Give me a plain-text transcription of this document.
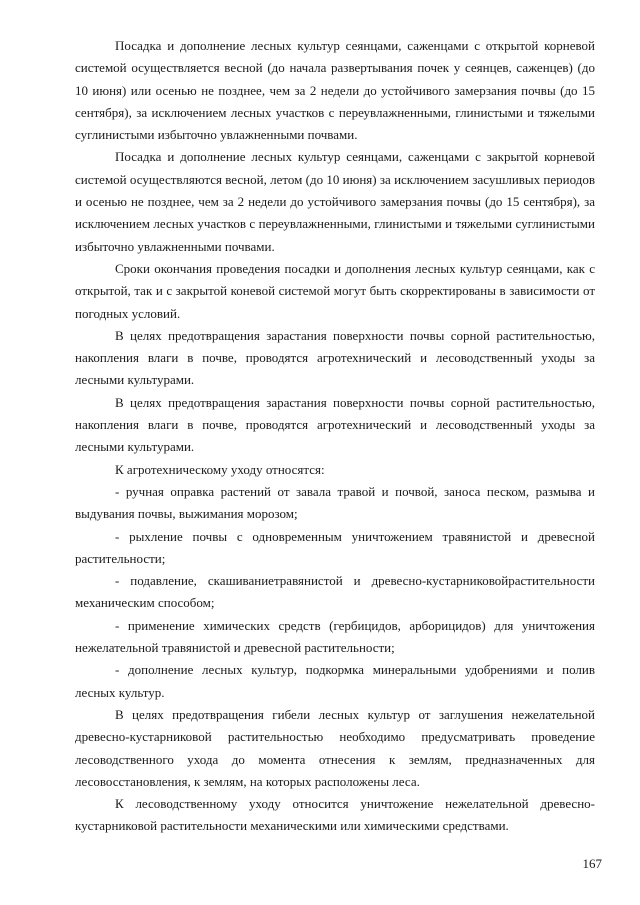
Посадка и дополнение лесных культур сеянцами, саженцами с открытой корневой системой осуществляется весной (до начала развертывания почек у сеянцев, саженцев) (до 10 июня) или осенью не позднее, чем за 2 недели до устойчивого замерзания почвы (до 15 сентября), за исключением лесных участков с переувлажненными, глинистыми и тяжелыми суглинистыми избыточно увлажненными почвами.

Посадка и дополнение лесных культур сеянцами, саженцами с закрытой корневой системой осуществляются весной, летом (до 10 июня) за исключением засушливых периодов и осенью не позднее, чем за 2 недели до устойчивого замерзания почвы (до 15 сентября), за исключением лесных участков с переувлажненными, глинистыми и тяжелыми суглинистыми избыточно увлажненными почвами.

Сроки окончания проведения посадки и дополнения лесных культур сеянцами, как с открытой, так и с закрытой коневой системой могут быть скорректированы в зависимости от погодных условий.

В целях предотвращения зарастания поверхности почвы сорной растительностью, накопления влаги в почве, проводятся агротехнический и лесоводственный уходы за лесными культурами.

В целях предотвращения зарастания поверхности почвы сорной растительностью, накопления влаги в почве, проводятся агротехнический и лесоводственный уходы за лесными культурами.

К агротехническому уходу относятся:

- ручная оправка растений от завала травой и почвой, заноса песком, размыва и выдувания почвы, выжимания морозом;

- рыхление почвы с одновременным уничтожением травянистой и древесной растительности;

- подавление, скашиваниетравянистой и древесно-кустарниковойрастительности механическим способом;

- применение химических средств (гербицидов, арборицидов) для уничтожения нежелательной травянистой и древесной растительности;

- дополнение лесных культур, подкормка минеральными удобрениями и полив лесных культур.

В целях предотвращения гибели лесных культур от заглушения нежелательной древесно-кустарниковой растительностью необходимо предусматривать проведение лесоводственного ухода до момента отнесения к землям, предназначенных для лесовосстановления, к землям, на которых расположены леса.

К лесоводственному уходу относится уничтожение нежелательной древесно-кустарниковой растительности механическими или химическими средствами.

167
